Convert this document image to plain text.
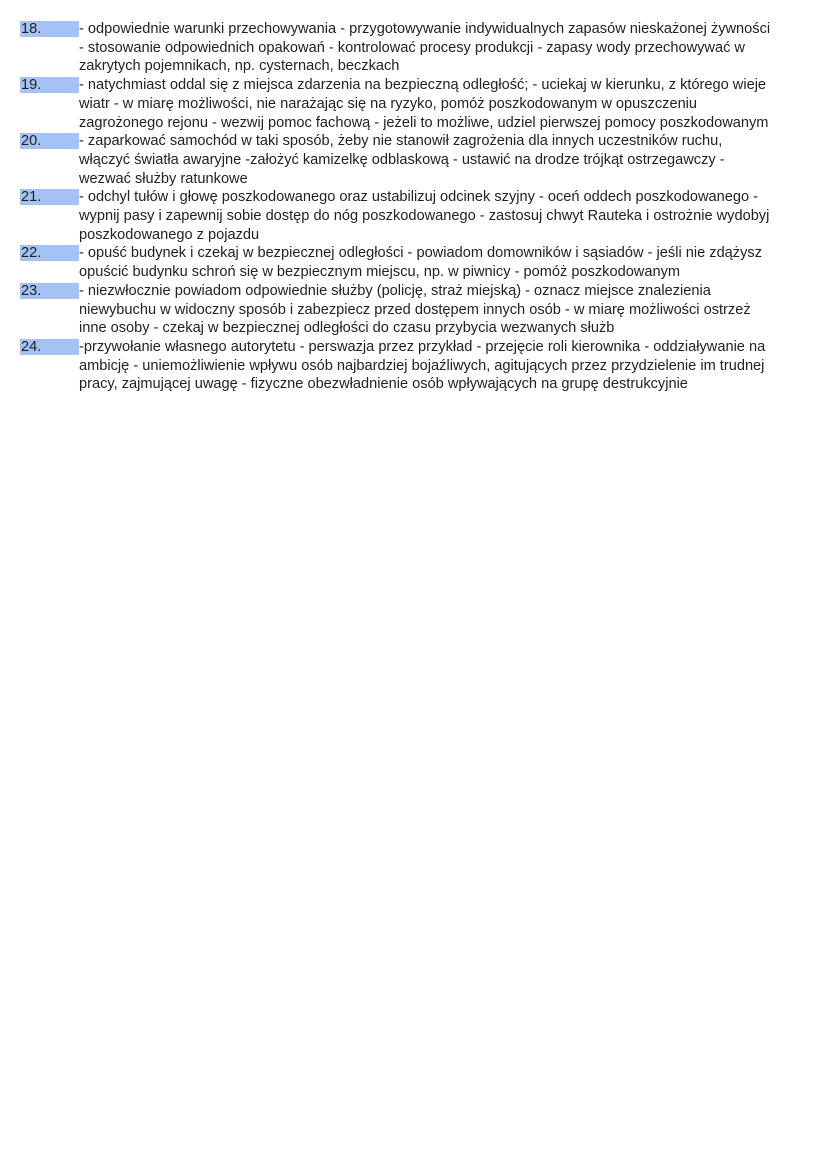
18.	- odpowiednie warunki przechowywania - przygotowywanie indywidualnych zapasów nieskażonej żywności
- stosowanie odpowiednich opakowań - kontrolować procesy produkcji - zapasy wody przechowywać w
zakrytych pojemnikach, np. cysternach, beczkach
19.	- natychmiast oddal się z miejsca zdarzenia na bezpieczną odległość; - uciekaj w kierunku, z którego wieje
wiatr - w miarę możliwości, nie narażając się na ryzyko, pomóż poszkodowanym w opuszczeniu
zagrożonego rejonu - wezwij pomoc fachową - jeżeli to możliwe, udziel pierwszej pomocy poszkodowanym
20.	- zaparkować samochód w taki sposób, żeby nie stanowił zagrożenia dla innych uczestników ruchu,
włączyć światła awaryjne -założyć kamizelkę odblaskową - ustawić na drodze trójkąt ostrzegawczy -
wezwać służby ratunkowe
21.	- odchyl tułów i głowę poszkodowanego oraz ustabilizuj odcinek szyjny - oceń oddech poszkodowanego -
wypnij pasy i zapewnij sobie dostęp do nóg poszkodowanego - zastosuj chwyt Rauteka i ostrożnie wydobyj
poszkodowanego z pojazdu
22.	- opuść budynek i czekaj w bezpiecznej odległości - powiadom domowników i sąsiadów - jeśli nie zdążysz
opuścić budynku schroń się w bezpiecznym miejscu, np. w piwnicy - pomóż poszkodowanym
23.	- niezwłocznie powiadom odpowiednie służby (policję, straż miejską) - oznacz miejsce znalezienia
niewybuchu w widoczny sposób i zabezpiecz przed dostępem innych osób - w miarę możliwości ostrzeż
inne osoby - czekaj w bezpiecznej odległości do czasu przybycia wezwanych służb
24.	-przywołanie własnego autorytetu - perswazja przez przykład - przejęcie roli kierownika - oddziaływanie na
ambicję - uniemożliwienie wpływu osób najbardziej bojaźliwych, agitujących przez przydzielenie im trudnej
pracy, zajmującej uwagę - fizyczne obezwładnienie osób wpływających na grupę destrukcyjnie
